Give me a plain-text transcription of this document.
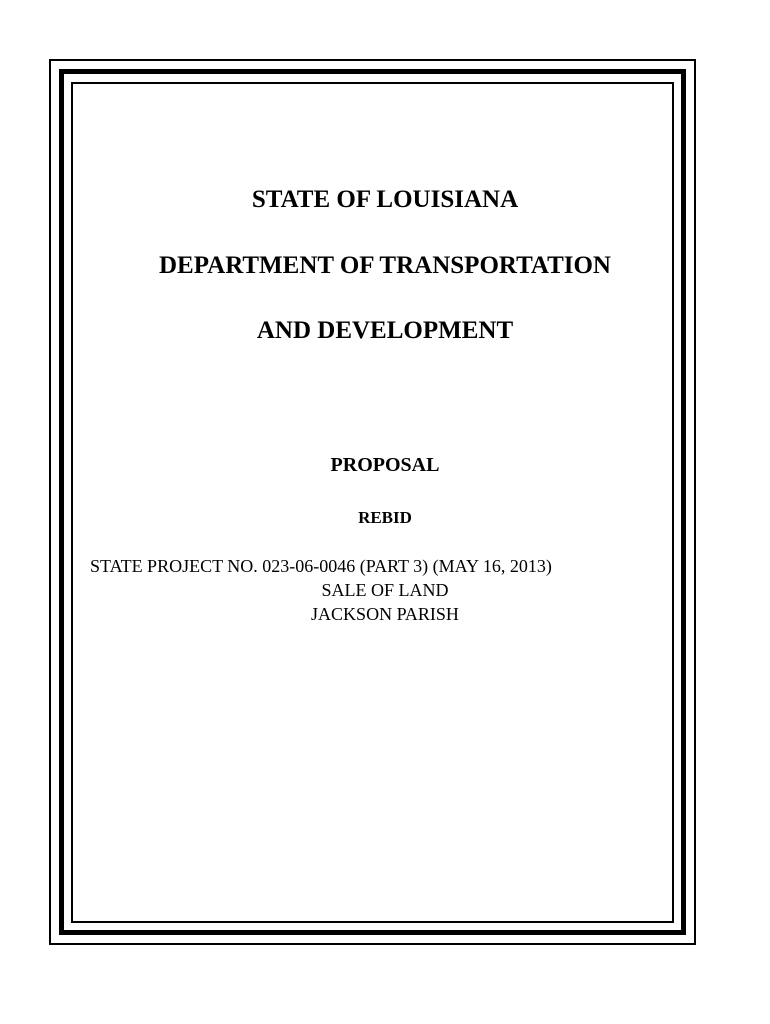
STATE OF LOUISIANA
DEPARTMENT OF TRANSPORTATION
AND DEVELOPMENT
PROPOSAL
REBID
STATE PROJECT NO. 023-06-0046 (PART 3) (MAY 16, 2013)
SALE OF LAND
JACKSON PARISH
